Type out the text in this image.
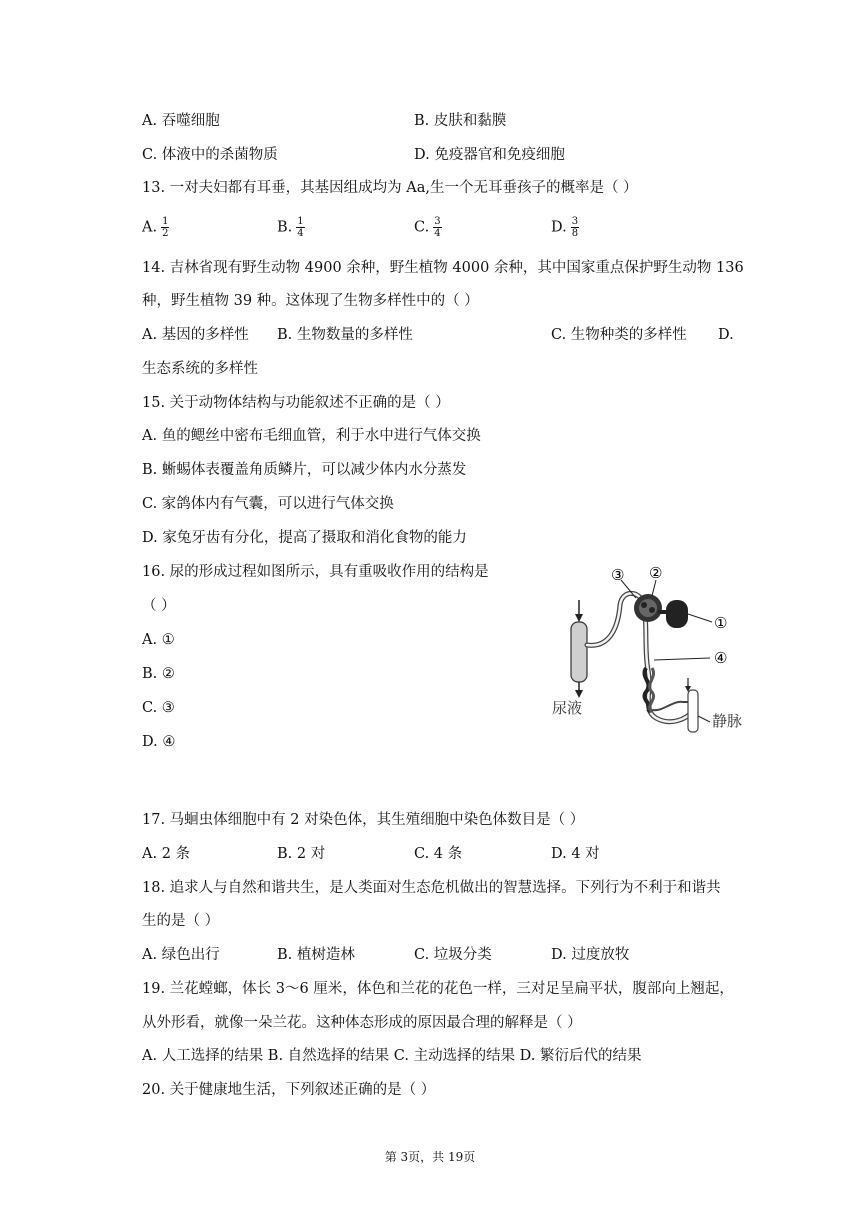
A. 吞噬细胞	B. 皮肤和黏膜
C. 体液中的杀菌物质	D. 免疫器官和免疫细胞
13. 一对夫妇都有耳垂，其基因组成均为 Aa,生一个无耳垂孩子的概率是（ ）
A. $\frac{1}{2}$	B. $\frac{1}{4}$	C. $\frac{3}{4}$	D. $\frac{3}{8}$
14. 吉林省现有野生动物 4900 余种，野生植物 4000 余种，其中国家重点保护野生动物 136
种，野生植物 39 种。这体现了生物多样性中的（ ）
A. 基因的多样性 B. 生物数量的多样性	C. 生物种类的多样性 D.
生态系统的多样性
15. 关于动物体结构与功能叙述不正确的是（ ）
A. 鱼的鳃丝中密布毛细血管，利于水中进行气体交换
B. 蜥蜴体表覆盖角质鳞片，可以减少体内水分蒸发
C. 家鸽体内有气囊，可以进行气体交换
D. 家兔牙齿有分化，提高了摄取和消化食物的能力
16. 尿的形成过程如图所示，具有重吸收作用的结构是
（ ）
A. ①
B. ②
C. ③
D. ④
③ ②
①
④
尿液
静脉
17. 马蛔虫体细胞中有 2 对染色体，其生殖细胞中染色体数目是（ ）
A. 2 条	B. 2 对	C. 4 条	D. 4 对
18. 追求人与自然和谐共生，是人类面对生态危机做出的智慧选择。下列行为不利于和谐共
生的是（ ）
A. 绿色出行	B. 植树造林	C. 垃圾分类	D. 过度放牧
19. 兰花螳螂，体长 3～6 厘米，体色和兰花的花色一样，三对足呈扁平状，腹部向上翘起，
从外形看，就像一朵兰花。这种体态形成的原因最合理的解释是（ ）
A. 人工选择的结果 B. 自然选择的结果 C. 主动选择的结果 D. 繁衍后代的结果
20. 关于健康地生活，下列叙述正确的是（ ）
第 3页，共 19页
